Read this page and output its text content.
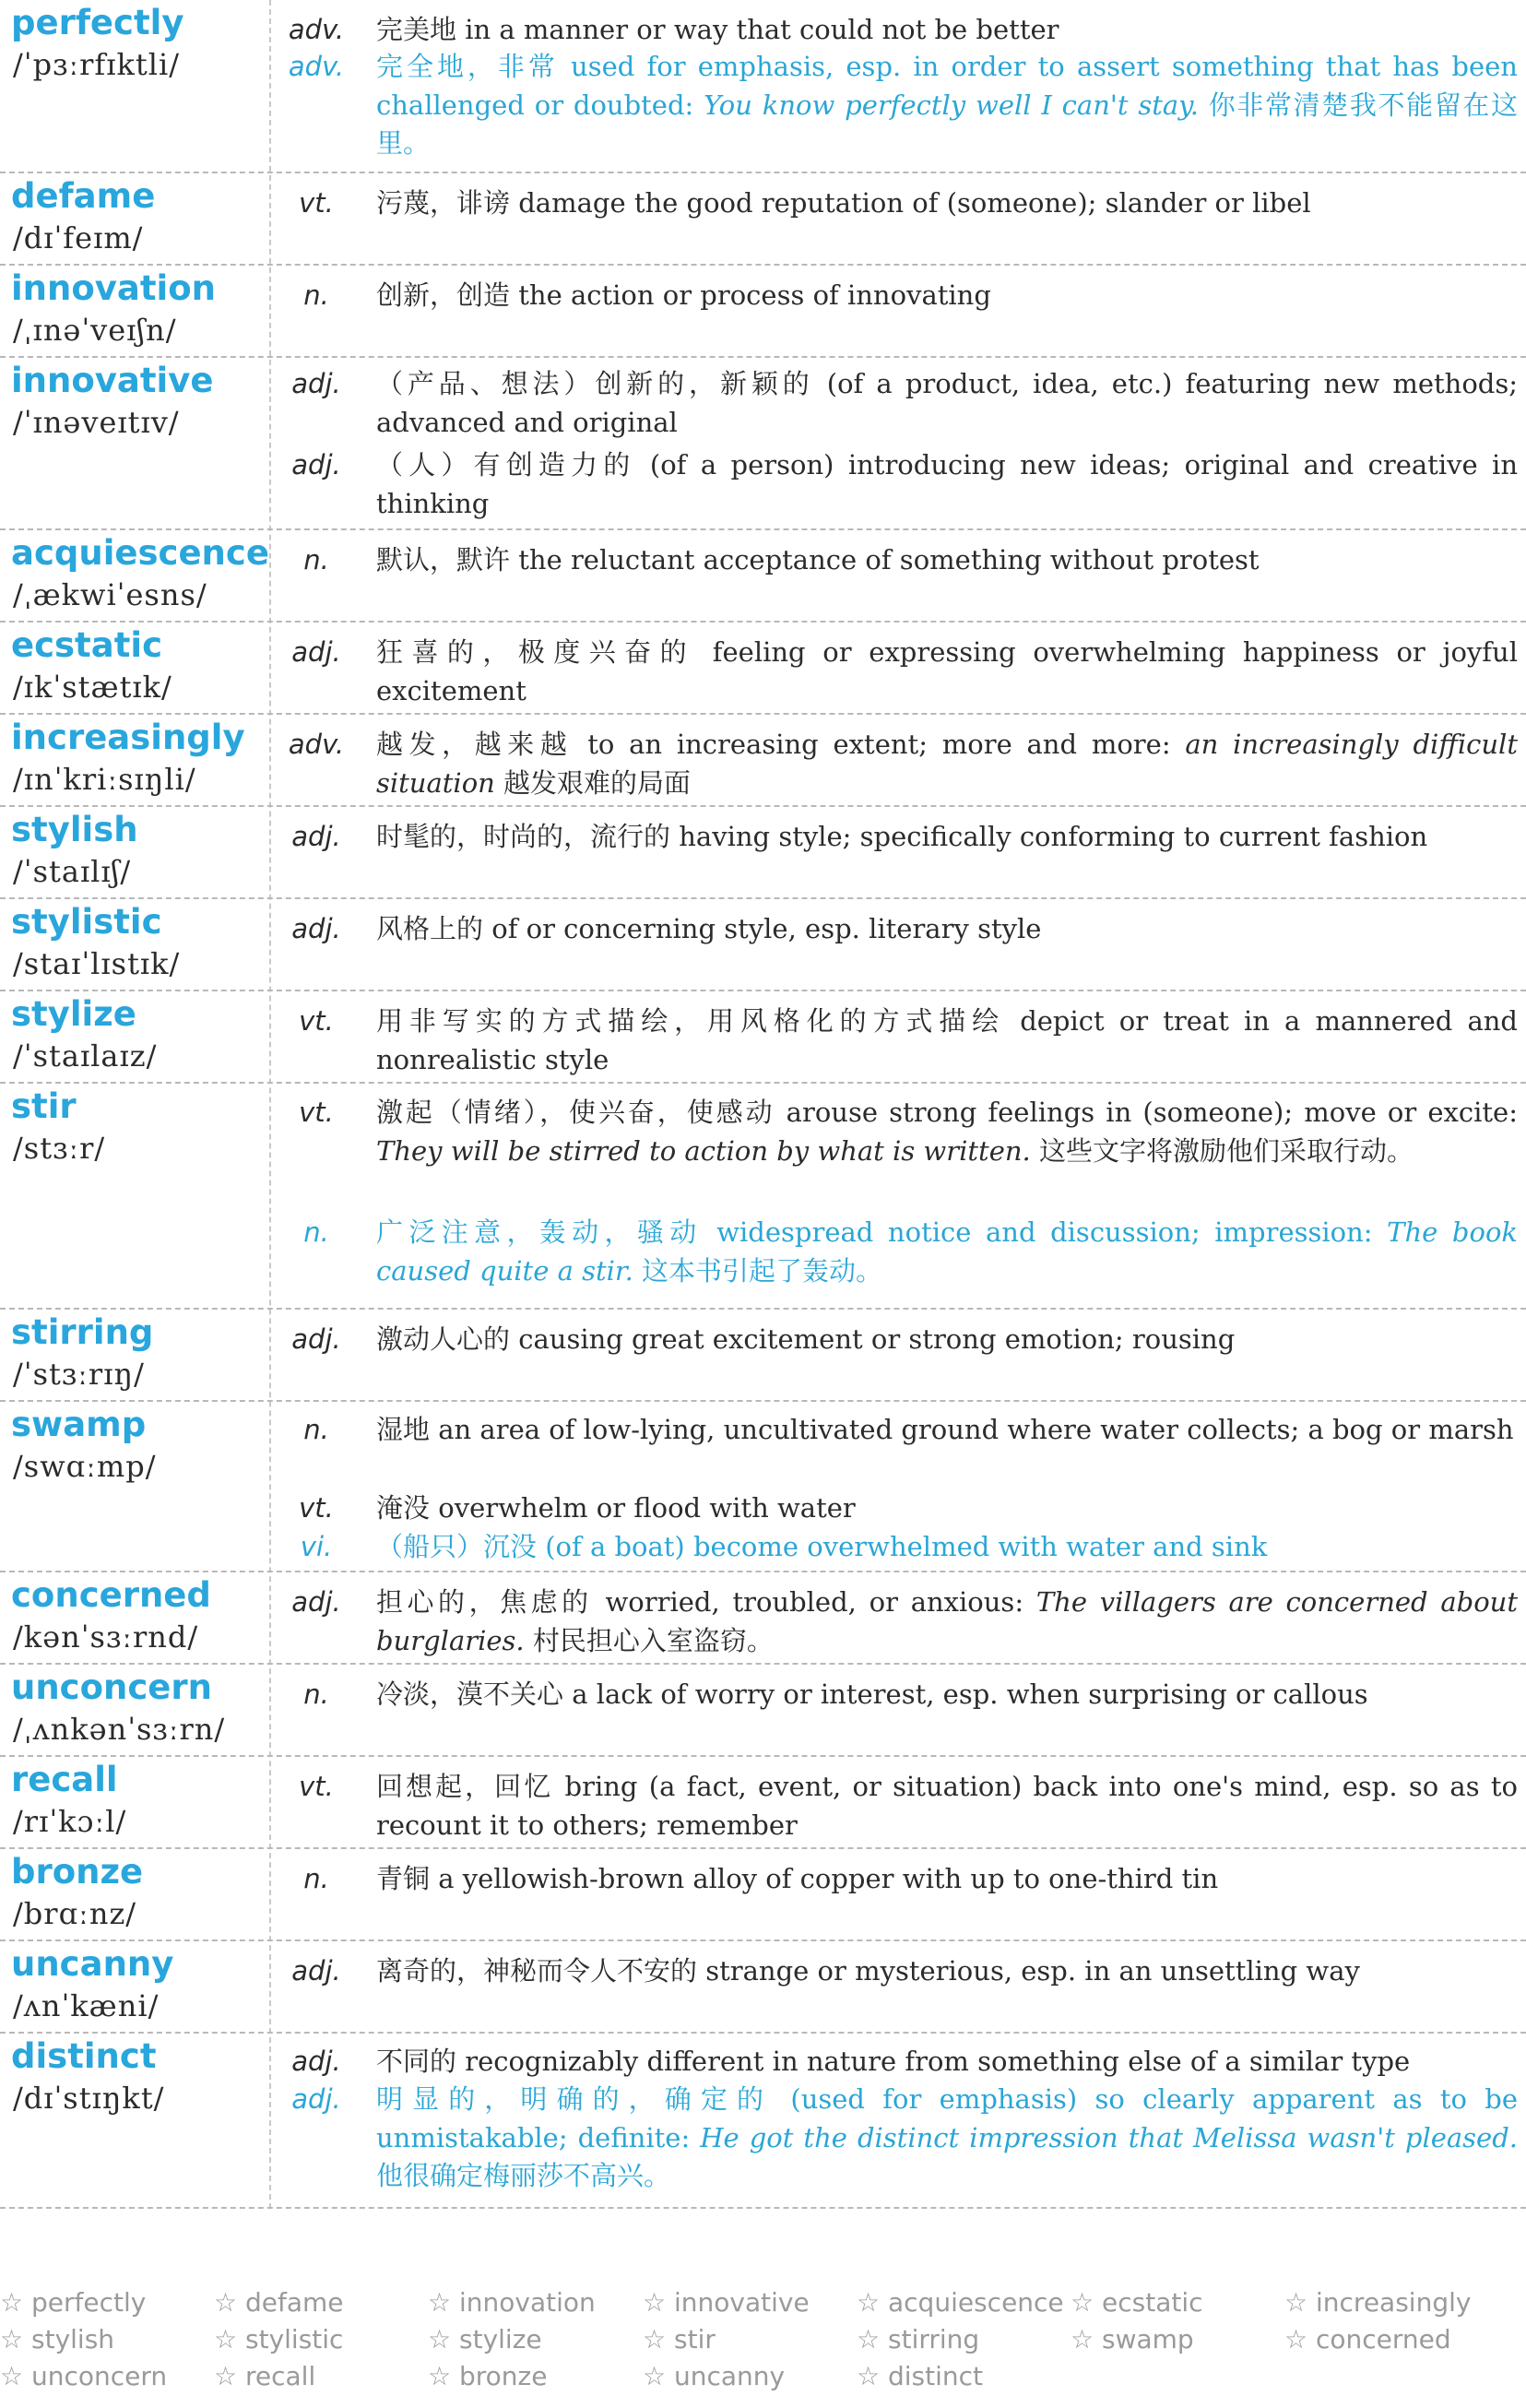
perfectly
/ˈpɜːrfɪktli/
adv. 完美地 in a manner or way that could not be better
adv. 完全地，非常 used for emphasis, esp. in order to assert something that has been challenged or doubted: You know perfectly well I can't stay. 你非常清楚我不能留在这里。
defame
/dɪˈfeɪm/
vt.	污蔑，诽谤 damage the good reputation of (someone); slander or libel
innovation
/ˌɪnəˈveɪʃn/
n.	创新，创造 the action or process of innovating
innovative
/ˈɪnəveɪtɪv/
adj.	（产品、想法）创新的，新颖的 (of a product, idea, etc.) featuring new methods; advanced and original
adj.	（人）有创造力的 (of a person) introducing new ideas; original and creative in thinking
acquiescence
/ˌækwiˈesns/
n.	默认，默许 the reluctant acceptance of something without protest
ecstatic
/ɪkˈstætɪk/
adj.	狂喜的，极度兴奋的 feeling or expressing overwhelming happiness or joyful excitement
increasingly
/ɪnˈkriːsɪŋli/
adv. 越发，越来越 to an increasing extent; more and more: an increasingly difficult situation 越发艰难的局面
stylish
/ˈstaɪlɪʃ/
adj.	时髦的，时尚的，流行的 having style; specifically conforming to current fashion
stylistic
/staɪˈlɪstɪk/
adj.	风格上的 of or concerning style, esp. literary style
stylize
/ˈstaɪlaɪz/
vt.	用非写实的方式描绘，用风格化的方式描绘 depict or treat in a mannered and nonrealistic style
stir
/stɜːr/
vt.	激起（情绪），使兴奋，使感动 arouse strong feelings in (someone); move or excite: They will be stirred to action by what is written. 这些文字将激励他们采取行动。
n.	广泛注意，轰动，骚动 widespread notice and discussion; impression: The book caused quite a stir. 这本书引起了轰动。
stirring
/ˈstɜːrɪŋ/
adj.	激动人心的 causing great excitement or strong emotion; rousing
swamp
/swɑːmp/
n.	湿地 an area of low-lying, uncultivated ground where water collects; a bog or marsh
vt.	淹没 overwhelm or flood with water
vi.	（船只）沉没 (of a boat) become overwhelmed with water and sink
concerned
/kənˈsɜːrnd/
adj.	担心的，焦虑的 worried, troubled, or anxious: The villagers are concerned about burglaries. 村民担心入室盗窃。
unconcern
/ˌʌnkənˈsɜːrn/
n.	冷淡，漠不关心 a lack of worry or interest, esp. when surprising or callous
recall
/rɪˈkɔːl/
vt.	回想起，回忆 bring (a fact, event, or situation) back into one's mind, esp. so as to recount it to others; remember
bronze
/brɑːnz/
n.	青铜 a yellowish-brown alloy of copper with up to one-third tin
uncanny
/ʌnˈkæni/
adj.	离奇的，神秘而令人不安的 strange or mysterious, esp. in an unsettling way
distinct
/dɪˈstɪŋkt/
adj.	不同的 recognizably different in nature from something else of a similar type
adj.	明显的，明确的，确定的 (used for emphasis) so clearly apparent as to be unmistakable; definite: He got the distinct impression that Melissa wasn't pleased. 他很确定梅丽莎不高兴。
☆ perfectly	☆ defame	☆ innovation ☆ innovative ☆ acquiescence ☆ ecstatic	☆ increasingly
☆ stylish	☆ stylistic	☆ stylize	☆ stir	☆ stirring	☆ swamp	☆ concerned
☆ unconcern ☆ recall	☆ bronze	☆ uncanny	☆ distinct
